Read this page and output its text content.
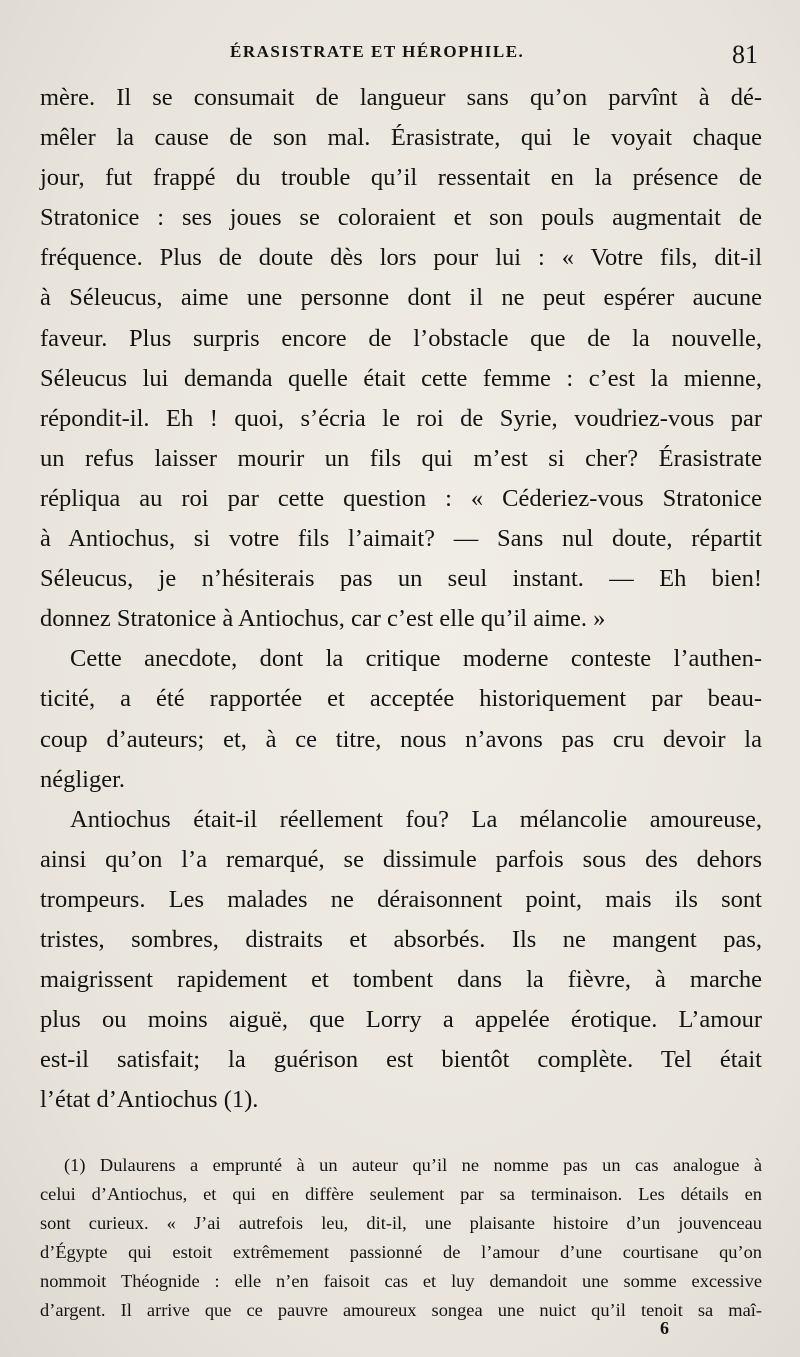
ÉRASISTRATE ET HÉROPHILE.	81
mère. Il se consumait de langueur sans qu’on parvînt à dé-
mêler la cause de son mal. Érasistrate, qui le voyait chaque
jour, fut frappé du trouble qu’il ressentait en la présence de
Stratonice : ses joues se coloraient et son pouls augmentait de
fréquence. Plus de doute dès lors pour lui : « Votre fils, dit-il
à Séleucus, aime une personne dont il ne peut espérer aucune
faveur. Plus surpris encore de l’obstacle que de la nouvelle,
Séleucus lui demanda quelle était cette femme : c’est la mienne,
répondit-il. Eh ! quoi, s’écria le roi de Syrie, voudriez-vous par
un refus laisser mourir un fils qui m’est si cher? Érasistrate
répliqua au roi par cette question : « Céderiez-vous Stratonice
à Antiochus, si votre fils l’aimait? — Sans nul doute, répartit
Séleucus, je n’hésiterais pas un seul instant. — Eh bien!
donnez Stratonice à Antiochus, car c’est elle qu’il aime. »
Cette anecdote, dont la critique moderne conteste l’authen-
ticité, a été rapportée et acceptée historiquement par beau-
coup d’auteurs; et, à ce titre, nous n’avons pas cru devoir la
négliger.
Antiochus était-il réellement fou? La mélancolie amoureuse,
ainsi qu’on l’a remarqué, se dissimule parfois sous des dehors
trompeurs. Les malades ne déraisonnent point, mais ils sont
tristes, sombres, distraits et absorbés. Ils ne mangent pas,
maigrissent rapidement et tombent dans la fièvre, à marche
plus ou moins aiguë, que Lorry a appelée érotique. L’amour
est-il satisfait; la guérison est bientôt complète. Tel était
l’état d’Antiochus (1).
(1) Dulaurens a emprunté à un auteur qu’il ne nomme pas un cas analogue à
celui d’Antiochus, et qui en diffère seulement par sa terminaison. Les détails en
sont curieux. « J’ai autrefois leu, dit-il, une plaisante histoire d’un jouvenceau
d’Égypte qui estoit extrêmement passionné de l’amour d’une courtisane qu’on
nommoit Théognide : elle n’en faisoit cas et luy demandoit une somme excessive
d’argent. Il arrive que ce pauvre amoureux songea une nuict qu’il tenoit sa maî-
6
